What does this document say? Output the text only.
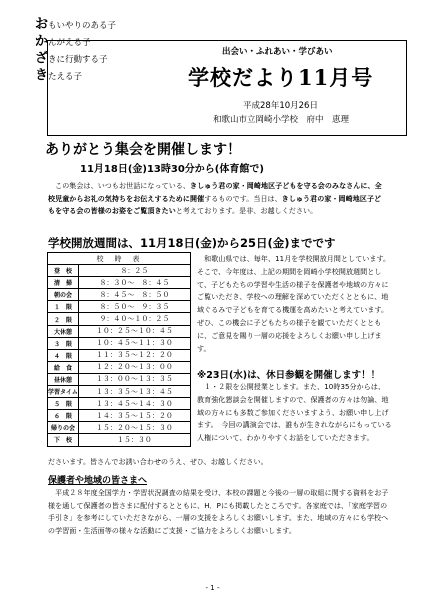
おもいやりのある子
かんがえる子
ざきに行動する子
きたえる子
出会い・ふれあい・学びあい
学校だより11月号
平成28年10月26日
和歌山市立岡崎小学校　府中　恵理
ありがとう集会を開催します！
11月18日(金)13時30分から(体育館で)
　この集会は、いつもお世話になっている、きしゅう君の家・岡崎地区子どもを守る会のみなさんに、全校児童からお礼の気持ちをお伝えするために開催するものです。当日は、きしゅう君の家・岡崎地区子どもを守る会の皆様のお姿をご覧頂きたいと考えております。是非、お越しください。
学校開放週間は、11月18日(金)から25日(金)までです
校　時　表	
登　校	８：２５
清　掃	８：３０～　８：４５
朝の会	８：４５～　８：５０
１　限	８：５０～　９：３５
２　限	９：４０～１０：２５
大休憩	１０：２５～１０：４５
３　限	１０：４５～１１：３０
４　限	１１：３５～１２：２０
給　食	１２：２０～１３：００
昼休憩	１３：００～１３：３５
学習タイム	１３：３５～１３：４５
５　限	１３：４５～１４：３０
６　限	１４：３５～１５：２０
帰りの会	１５：２０～１５：３０
下　校	１５：３０
　和歌山県では、毎年、11月を学校開放月間としています。そこで、今年度は、上記の期間を岡崎小学校開放週間として、子どもたちの学習や生活の様子を保護者や地域の方々にご覧いただき、学校への理解を深めていただくとともに、地域ぐるみで子どもを育てる機運を高めたいと考えています。ぜひ、この機会に子どもたちの様子を観ていただくとともに、ご意見を賜り一層の応援をよろしくお願い申し上げます。
※23日(水)は、休日参観を開催します！！
　１・２限を公開授業とします。また、10時35分からは、教育強化懇談会を開催しますので、保護者の方々は勿論、地域の方々にも多数ご参加くださいますよう、お願い申し上げます。　今回の講演会では、誰もが生きれながらにもっている人権について、わかりやすくお話をしていただきます。
ださいます。皆さんでお誘い合わせのうえ、ぜひ、お越しください。
保護者や地域の皆さまへ
　平成２８年度全国学力・学習状況調査の結果を受け、本校の課題と今後の一層の取組に関する資料をお子様を通して保護者の皆さまに配付するとともに、H．Pにも掲載したところです。各家庭では、「家庭学習の手引き」を参考にしていただきながら、一層の支援をよろしくお願いします。また、地域の方々にも学校への学習面・生活面等の様々な活動にご支援・ご協力をよろしくお願いします。
- 1 -
